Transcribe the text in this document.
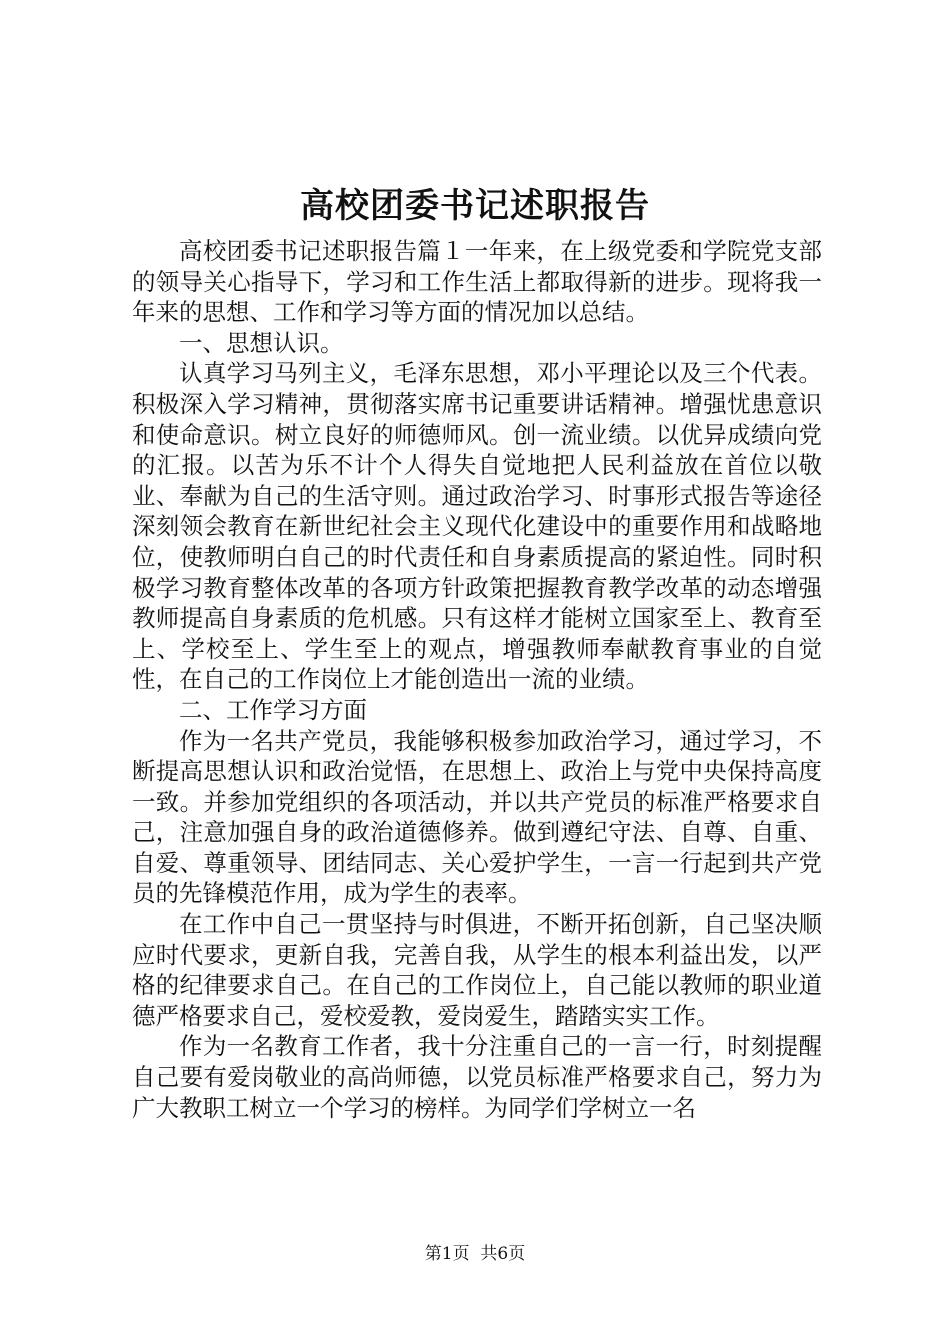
高校团委书记述职报告

高校团委书记述职报告篇１一年来，在上级党委和学院党支部的领导关心指导下，学习和工作生活上都取得新的进步。现将我一年来的思想、工作和学习等方面的情况加以总结。

一、思想认识。

认真学习马列主义，毛泽东思想，邓小平理论以及三个代表。积极深入学习精神，贯彻落实席书记重要讲话精神。增强忧患意识和使命意识。树立良好的师德师风。创一流业绩。以优异成绩向党的汇报。以苦为乐不计个人得失自觉地把人民利益放在首位以敬业、奉献为自己的生活守则。通过政治学习、时事形式报告等途径深刻领会教育在新世纪社会主义现代化建设中的重要作用和战略地位，使教师明白自己的时代责任和自身素质提高的紧迫性。同时积极学习教育整体改革的各项方针政策把握教育教学改革的动态增强教师提高自身素质的危机感。只有这样才能树立国家至上、教育至上、学校至上、学生至上的观点，增强教师奉献教育事业的自觉性，在自己的工作岗位上才能创造出一流的业绩。

二、工作学习方面

作为一名共产党员，我能够积极参加政治学习，通过学习，不断提高思想认识和政治觉悟，在思想上、政治上与党中央保持高度一致。并参加党组织的各项活动，并以共产党员的标准严格要求自己，注意加强自身的政治道德修养。做到遵纪守法、自尊、自重、自爱、尊重领导、团结同志、关心爱护学生，一言一行起到共产党员的先锋模范作用，成为学生的表率。

在工作中自己一贯坚持与时俱进，不断开拓创新，自己坚决顺应时代要求，更新自我，完善自我，从学生的根本利益出发，以严格的纪律要求自己。在自己的工作岗位上，自己能以教师的职业道德严格要求自己，爱校爱教，爱岗爱生，踏踏实实工作。

作为一名教育工作者，我十分注重自己的一言一行，时刻提醒自己要有爱岗敬业的高尚师德，以党员标准严格要求自己，努力为广大教职工树立一个学习的榜样。为同学们学树立一名

第1页 共6页
